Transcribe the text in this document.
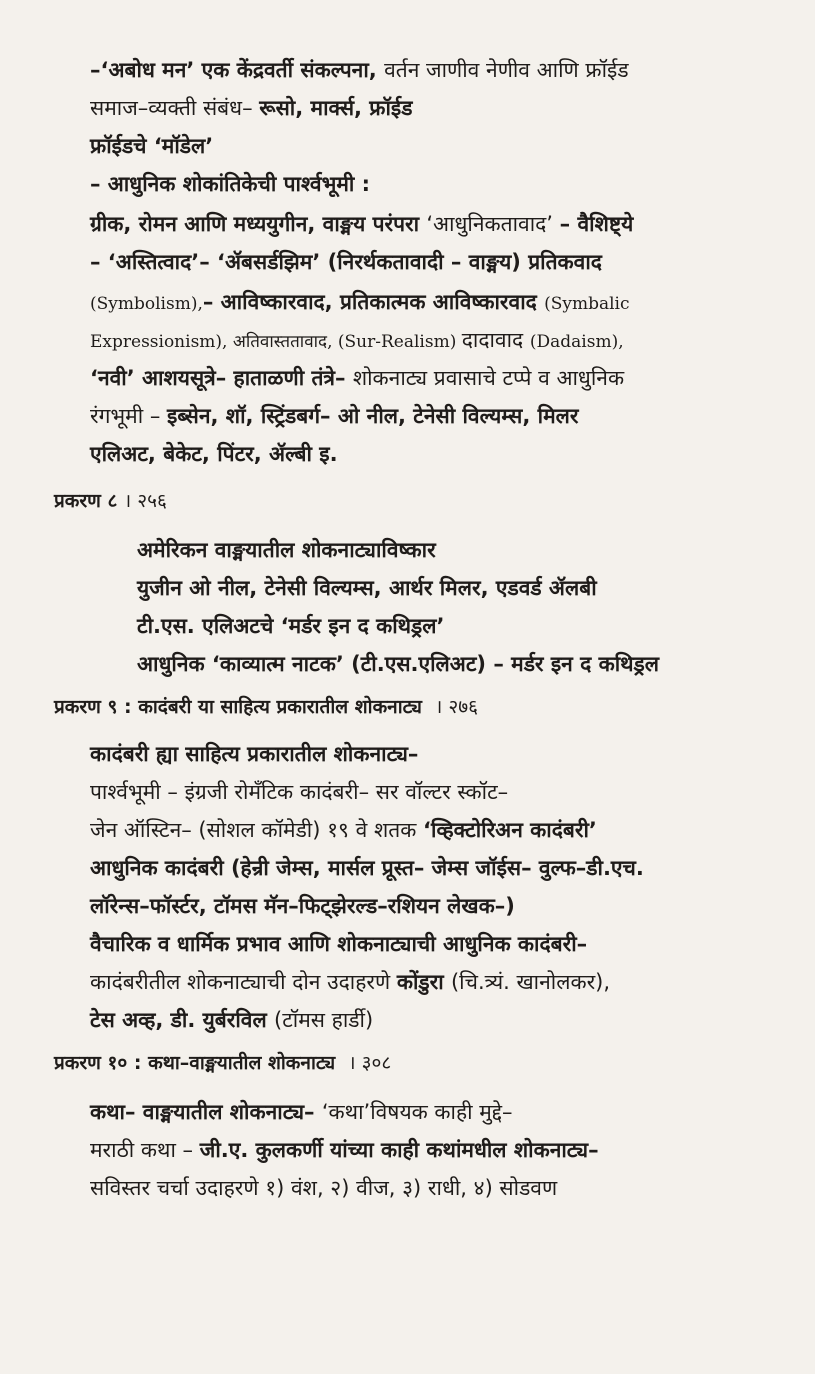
–‘अबोध मन’ एक केंद्रवर्ती संकल्पना, वर्तन जाणीव नेणीव आणि फ्रॉईड
समाज–व्यक्ती संबंध– रूसो, मार्क्स, फ्रॉईड
फ्रॉईडचे ‘मॉडेल’
– आधुनिक शोकांतिकेची पार्श्वभूमी :
ग्रीक, रोमन आणि मध्ययुगीन, वाङ्मय परंपरा ‘आधुनिकतावाद’ – वैशिष्ट्ये
– ‘अस्तित्वाद’– ‘ॲबसर्डझिम’ (निरर्थकतावादी – वाङ्मय) प्रतिकवाद
(Symbolism),– आविष्कारवाद, प्रतिकात्मक आविष्कारवाद (Symbalic
Expressionism), अतिवास्ततावाद, (Sur-Realism) दादावाद (Dadaism),
‘नवी’ आशयसूत्रे– हाताळणी तंत्रे– शोकनाट्य प्रवासाचे टप्पे व आधुनिक
रंगभूमी – इब्सेन, शॉ, स्ट्रिंडबर्ग– ओ नील, टेनेसी विल्यम्स, मिलर
एलिअट, बेकेट, पिंटर, ॲल्बी इ.
प्रकरण ८ । २५६
अमेरिकन वाङ्मयातील शोकनाट्याविष्कार
युजीन ओ नील, टेनेसी विल्यम्स, आर्थर मिलर, एडवर्ड ॲलबी
टी.एस. एलिअटचे ‘मर्डर इन द कथिड्रल’
आधुनिक ‘काव्यात्म नाटक’ (टी.एस.एलिअट) – मर्डर इन द कथिड्रल
प्रकरण ९ : कादंबरी या साहित्य प्रकारातील शोकनाट्य  । २७६
कादंबरी ह्या साहित्य प्रकारातील शोकनाट्य–
पार्श्वभूमी – इंग्रजी रोमँटिक कादंबरी– सर वॉल्टर स्कॉट–
जेन ऑस्टिन– (सोशल कॉमेडी) १९ वे शतक ‘व्हिक्टोरिअन कादंबरी’
आधुनिक कादंबरी (हेन्री जेम्स, मार्सल प्रूस्त– जेम्स जॉईस– वुल्फ–डी.एच.
लॉरेन्स–फॉर्स्टर, टॉमस मॅन–फिट्झेरल्ड–रशियन लेखक–)
वैचारिक व धार्मिक प्रभाव आणि शोकनाट्याची आधुनिक कादंबरी–
कादंबरीतील शोकनाट्याची दोन उदाहरणे कोंडुरा (चि.त्र्यं. खानोलकर),
टेस अव्ह, डी. युर्बरविल (टॉमस हार्डी)
प्रकरण १० : कथा–वाङ्मयातील शोकनाट्य  । ३०८
कथा– वाङ्मयातील शोकनाट्य– ‘कथा’विषयक काही मुद्दे–
मराठी कथा – जी.ए. कुलकर्णी यांच्या काही कथांमधील शोकनाट्य–
सविस्तर चर्चा उदाहरणे १) वंश, २) वीज, ३) राधी, ४) सोडवण
